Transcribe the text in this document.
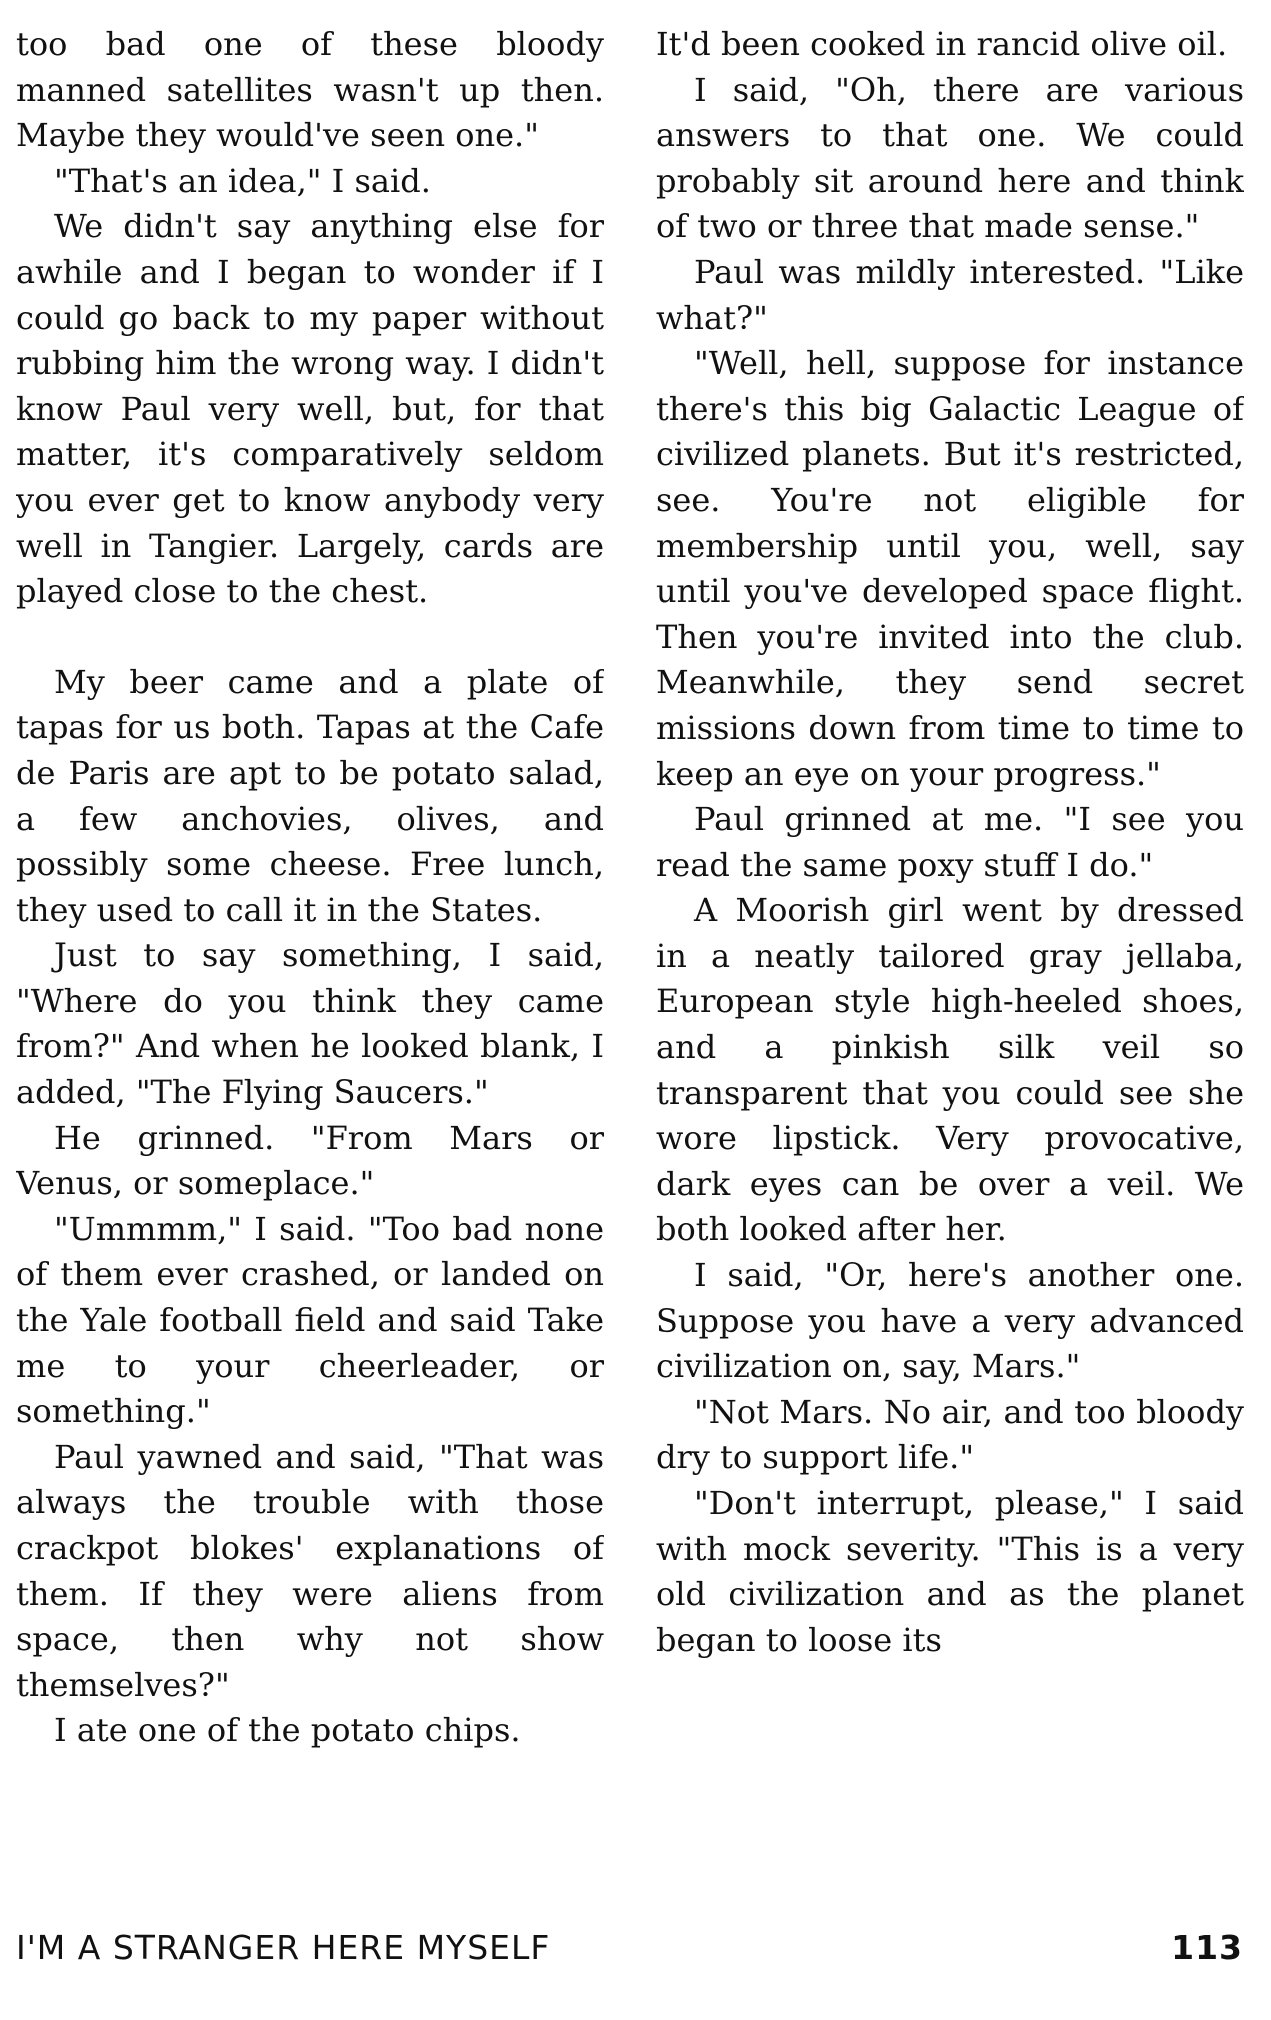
too bad one of these bloody manned satellites wasn't up then. Maybe they would've seen one."

"That's an idea," I said.

We didn't say anything else for awhile and I began to wonder if I could go back to my paper without rubbing him the wrong way. I didn't know Paul very well, but, for that matter, it's comparatively seldom you ever get to know anybody very well in Tangier. Largely, cards are played close to the chest.

My beer came and a plate of tapas for us both. Tapas at the Cafe de Paris are apt to be potato salad, a few anchovies, olives, and possibly some cheese. Free lunch, they used to call it in the States.

Just to say something, I said, "Where do you think they came from?" And when he looked blank, I added, "The Flying Saucers."

He grinned. "From Mars or Venus, or someplace."

"Ummmm," I said. "Too bad none of them ever crashed, or landed on the Yale football field and said Take me to your cheerleader, or something."

Paul yawned and said, "That was always the trouble with those crackpot blokes' explanations of them. If they were aliens from space, then why not show themselves?"

I ate one of the potato chips.

It'd been cooked in rancid olive oil.

I said, "Oh, there are various answers to that one. We could probably sit around here and think of two or three that made sense."

Paul was mildly interested. "Like what?"

"Well, hell, suppose for instance there's this big Galactic League of civilized planets. But it's restricted, see. You're not eligible for membership until you, well, say until you've developed space flight. Then you're invited into the club. Meanwhile, they send secret missions down from time to time to keep an eye on your progress."

Paul grinned at me. "I see you read the same poxy stuff I do."

A Moorish girl went by dressed in a neatly tailored gray jellaba, European style high-heeled shoes, and a pinkish silk veil so transparent that you could see she wore lipstick. Very provocative, dark eyes can be over a veil. We both looked after her.

I said, "Or, here's another one. Suppose you have a very advanced civilization on, say, Mars."

"Not Mars. No air, and too bloody dry to support life."

"Don't interrupt, please," I said with mock severity. "This is a very old civilization and as the planet began to loose its

I'M A STRANGER HERE MYSELF	113
